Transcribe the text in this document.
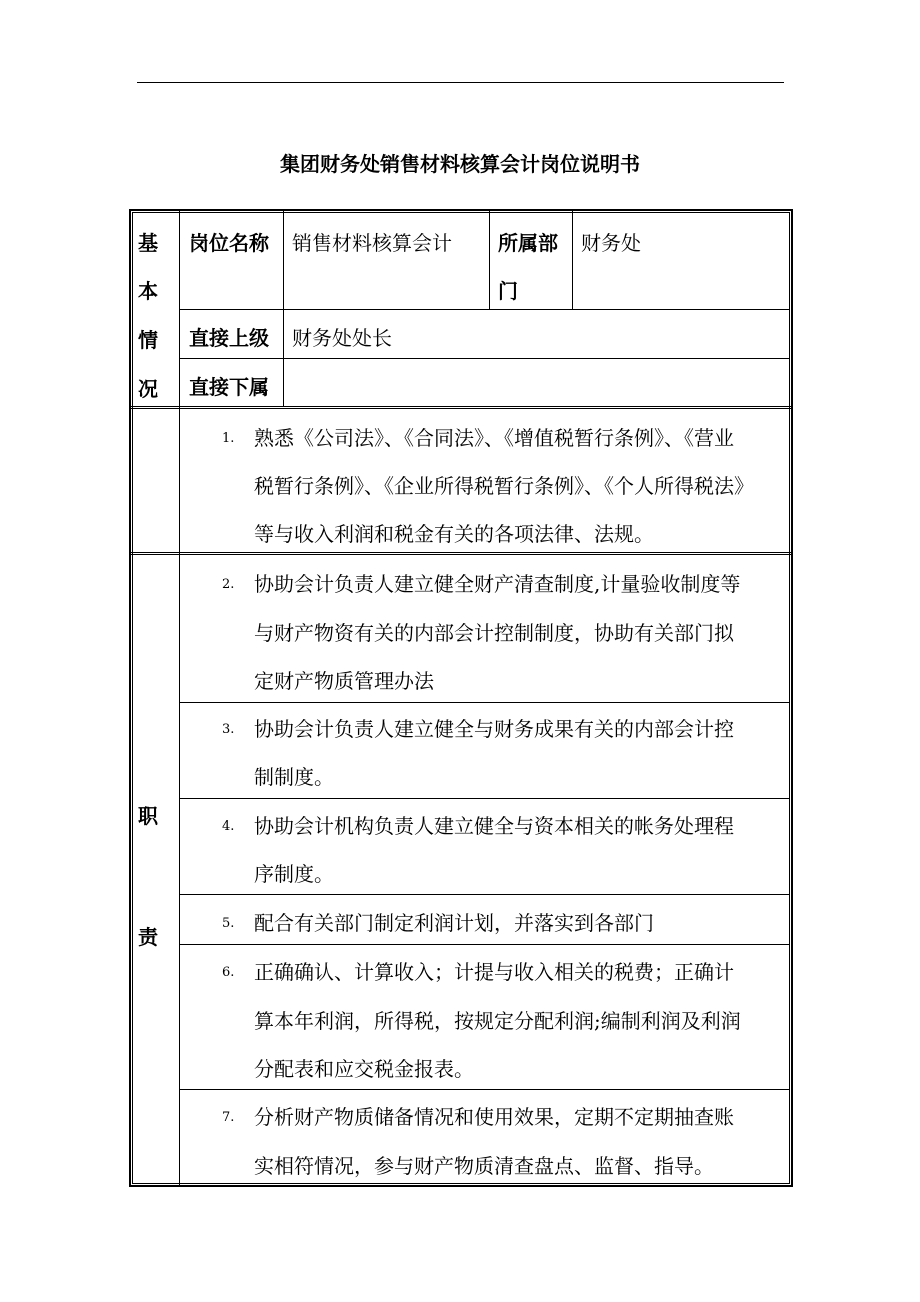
集团财务处销售材料核算会计岗位说明书
基
本
情
况
岗位名称 销售材料核算会计 所属部
门
财务处
直接上级 财务处处长
直接下属
职
责
1. 熟悉《公司法》、《合同法》、《增值税暂行条例》、《营业
税暂行条例》、《企业所得税暂行条例》、《个人所得税法》
等与收入利润和税金有关的各项法律、法规。
2. 协助会计负责人建立健全财产清查制度,计量验收制度等
与财产物资有关的内部会计控制制度，协助有关部门拟
定财产物质管理办法
3. 协助会计负责人建立健全与财务成果有关的内部会计控
制制度。
4. 协助会计机构负责人建立健全与资本相关的帐务处理程
序制度。
5. 配合有关部门制定利润计划，并落实到各部门
6. 正确确认、计算收入；计提与收入相关的税费；正确计
算本年利润，所得税，按规定分配利润;编制利润及利润
分配表和应交税金报表。
7. 分析财产物质储备情况和使用效果，定期不定期抽查账
实相符情况，参与财产物质清查盘点、监督、指导。
